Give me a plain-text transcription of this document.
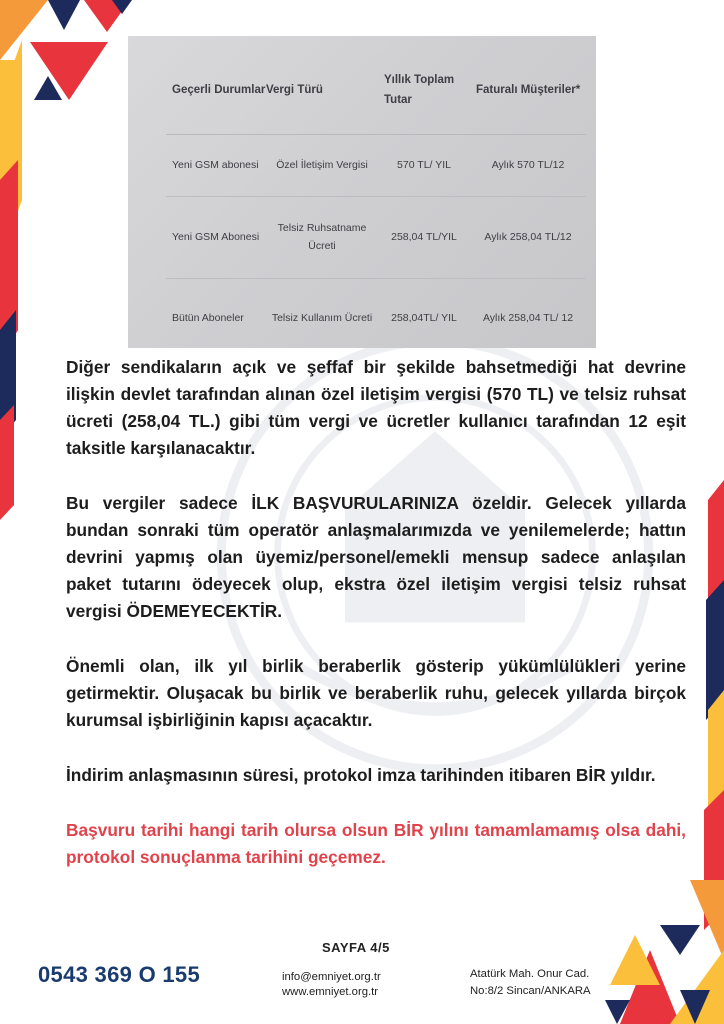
Geçerli Durumlar	Vergi Türü	Yıllık Toplam Tutar	Faturalı Müşteriler*
Yeni GSM abonesi	Özel İletişim Vergisi	570 TL/ YIL	Aylık 570 TL/12
Yeni GSM Abonesi	Telsiz Ruhsatname Ücreti	258,04 TL/YIL	Aylık 258,04 TL/12
Bütün Aboneler	Telsiz Kullanım Ücreti	258,04TL/ YIL	Aylık 258,04 TL/ 12

Diğer sendikaların açık ve şeffaf bir şekilde bahsetmediği hat devrine ilişkin devlet tarafından alınan özel iletişim vergisi (570 TL) ve telsiz ruhsat ücreti (258,04 TL.) gibi tüm vergi ve ücretler kullanıcı tarafından 12 eşit taksitle karşılanacaktır.

Bu vergiler sadece İLK BAŞVURULARINIZA özeldir. Gelecek yıllarda bundan sonraki tüm operatör anlaşmalarımızda ve yenilemelerde; hattın devrini yapmış olan üyemiz/personel/emekli mensup sadece anlaşılan paket tutarını ödeyecek olup, ekstra özel iletişim vergisi telsiz ruhsat vergisi ÖDEMEYECEKTİR.

Önemli olan, ilk yıl birlik beraberlik gösterip yükümlülükleri yerine getirmektir. Oluşacak bu birlik ve beraberlik ruhu, gelecek yıllarda birçok kurumsal işbirliğinin kapısı açacaktır.

İndirim anlaşmasının süresi, protokol imza tarihinden itibaren BİR yıldır.

Başvuru tarihi hangi tarih olursa olsun BİR yılını tamamlamamış olsa dahi, protokol sonuçlanma tarihini geçemez.

SAYFA 4/5
0543 369 O 155	info@emniyet.org.tr
www.emniyet.org.tr
Atatürk Mah. Onur Cad.
No:8/2 Sincan/ANKARA
